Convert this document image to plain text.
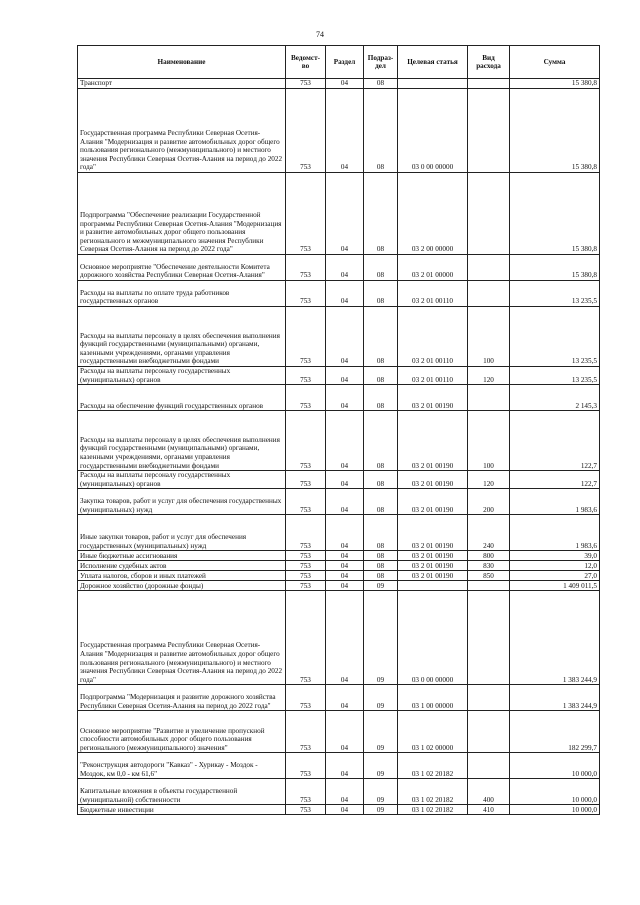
74
Наименование	Ведомст-во	Раздел	Подраз-дел	Целевая статья	Вид расхода	Сумма
Транспорт	753	04	08			15 380,8
Государственная программа Республики Северная Осетия-Алания "Модернизация и развитие автомобильных дорог общего пользования регионального (межмуниципального) и местного значения Республики Северная Осетия-Алания на период до 2022 года"	753	04	08	03 0 00 00000		15 380,8
Подпрограмма "Обеспечение реализации Государственной программы Республики Северная Осетия-Алания "Модернизация и развитие автомобильных дорог общего пользования регионального и межмуниципального значения Республики Северная Осетия-Алания на период до 2022 года"	753	04	08	03 2 00 00000		15 380,8
Основное мероприятие "Обеспечение деятельности Комитета дорожного хозяйства Республики Северная Осетия-Алания"	753	04	08	03 2 01 00000		15 380,8
Расходы на выплаты по оплате труда работников государственных органов	753	04	08	03 2 01 00110		13 235,5
Расходы на выплаты персоналу в целях обеспечения выполнения функций государственными (муниципальными) органами, казенными учреждениями, органами управления государственными внебюджетными фондами	753	04	08	03 2 01 00110	100	13 235,5
Расходы на выплаты персоналу государственных (муниципальных) органов	753	04	08	03 2 01 00110	120	13 235,5
Расходы на обеспечение функций государственных органов	753	04	08	03 2 01 00190		2 145,3
Расходы на выплаты персоналу в целях обеспечения выполнения функций государственными (муниципальными) органами, казенными учреждениями, органами управления государственными внебюджетными фондами	753	04	08	03 2 01 00190	100	122,7
Расходы на выплаты персоналу государственных (муниципальных) органов	753	04	08	03 2 01 00190	120	122,7
Закупка товаров, работ и услуг для обеспечения государственных (муниципальных) нужд	753	04	08	03 2 01 00190	200	1 983,6
Иные закупки товаров, работ и услуг для обеспечения государственных (муниципальных) нужд	753	04	08	03 2 01 00190	240	1 983,6
Иные бюджетные ассигнования	753	04	08	03 2 01 00190	800	39,0
Исполнение судебных актов	753	04	08	03 2 01 00190	830	12,0
Уплата налогов, сборов и иных платежей	753	04	08	03 2 01 00190	850	27,0
Дорожное хозяйство (дорожные фонды)	753	04	09			1 409 011,5
Государственная программа Республики Северная Осетия-Алания "Модернизация и развитие автомобильных дорог общего пользования регионального (межмуниципального) и местного значения Республики Северная Осетия-Алания на период до 2022 года"	753	04	09	03 0 00 00000		1 383 244,9
Подпрограмма "Модернизация и развитие дорожного хозяйства Республики Северная Осетия-Алания на период до 2022 года"	753	04	09	03 1 00 00000		1 383 244,9
Основное мероприятие "Развитие и увеличение пропускной способности автомобильных дорог общего пользования регионального (межмуниципального) значения"	753	04	09	03 1 02 00000		182 299,7
"Реконструкция автодороги "Кавказ" - Хурикау - Моздок - Моздок, км 0,0 - км 61,6"	753	04	09	03 1 02 20182		10 000,0
Капитальные вложения в объекты государственной (муниципальной) собственности	753	04	09	03 1 02 20182	400	10 000,0
Бюджетные инвестиции	753	04	09	03 1 02 20182	410	10 000,0
